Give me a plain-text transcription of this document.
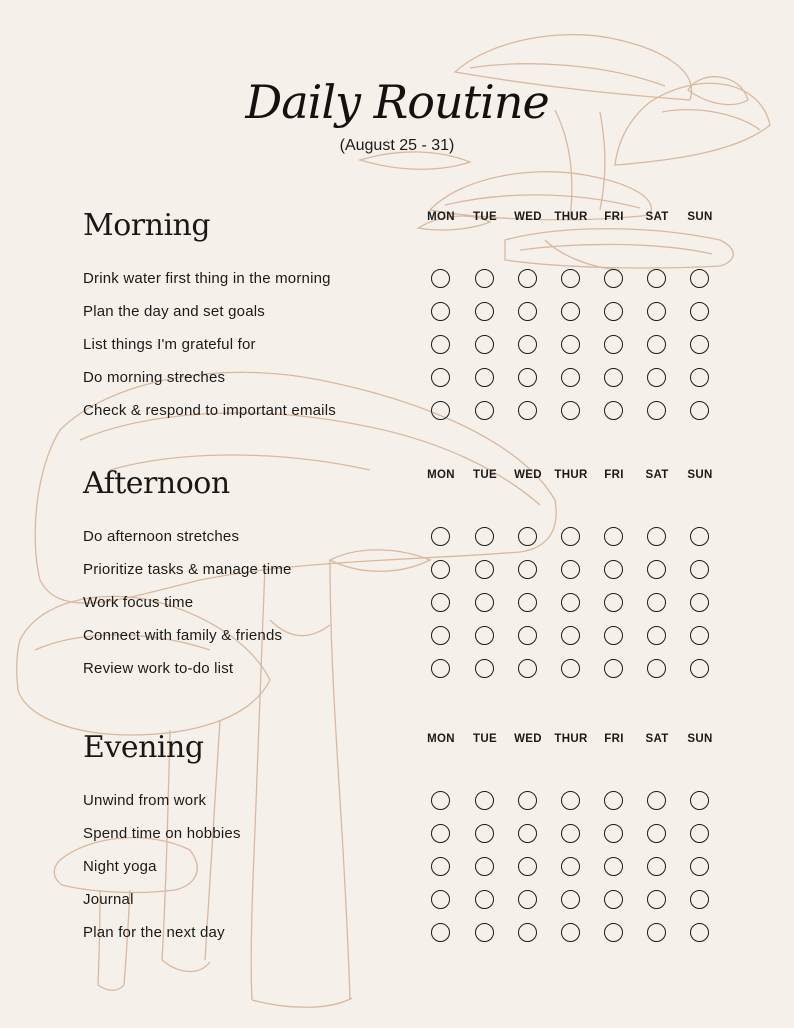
Daily Routine
(August 25 - 31)
Morning	MON	TUE	WED	THUR	FRI	SAT	SUN
Drink water first thing in the morning
Plan the day and set goals
List things I'm grateful for
Do morning streches
Check & respond to important emails
Afternoon	MON	TUE	WED	THUR	FRI	SAT	SUN
Do afternoon stretches
Prioritize tasks & manage time
Work focus time
Connect with family & friends
Review work to-do list
Evening	MON	TUE	WED	THUR	FRI	SAT	SUN
Unwind from work
Spend time on hobbies
Night yoga
Journal
Plan for the next day
